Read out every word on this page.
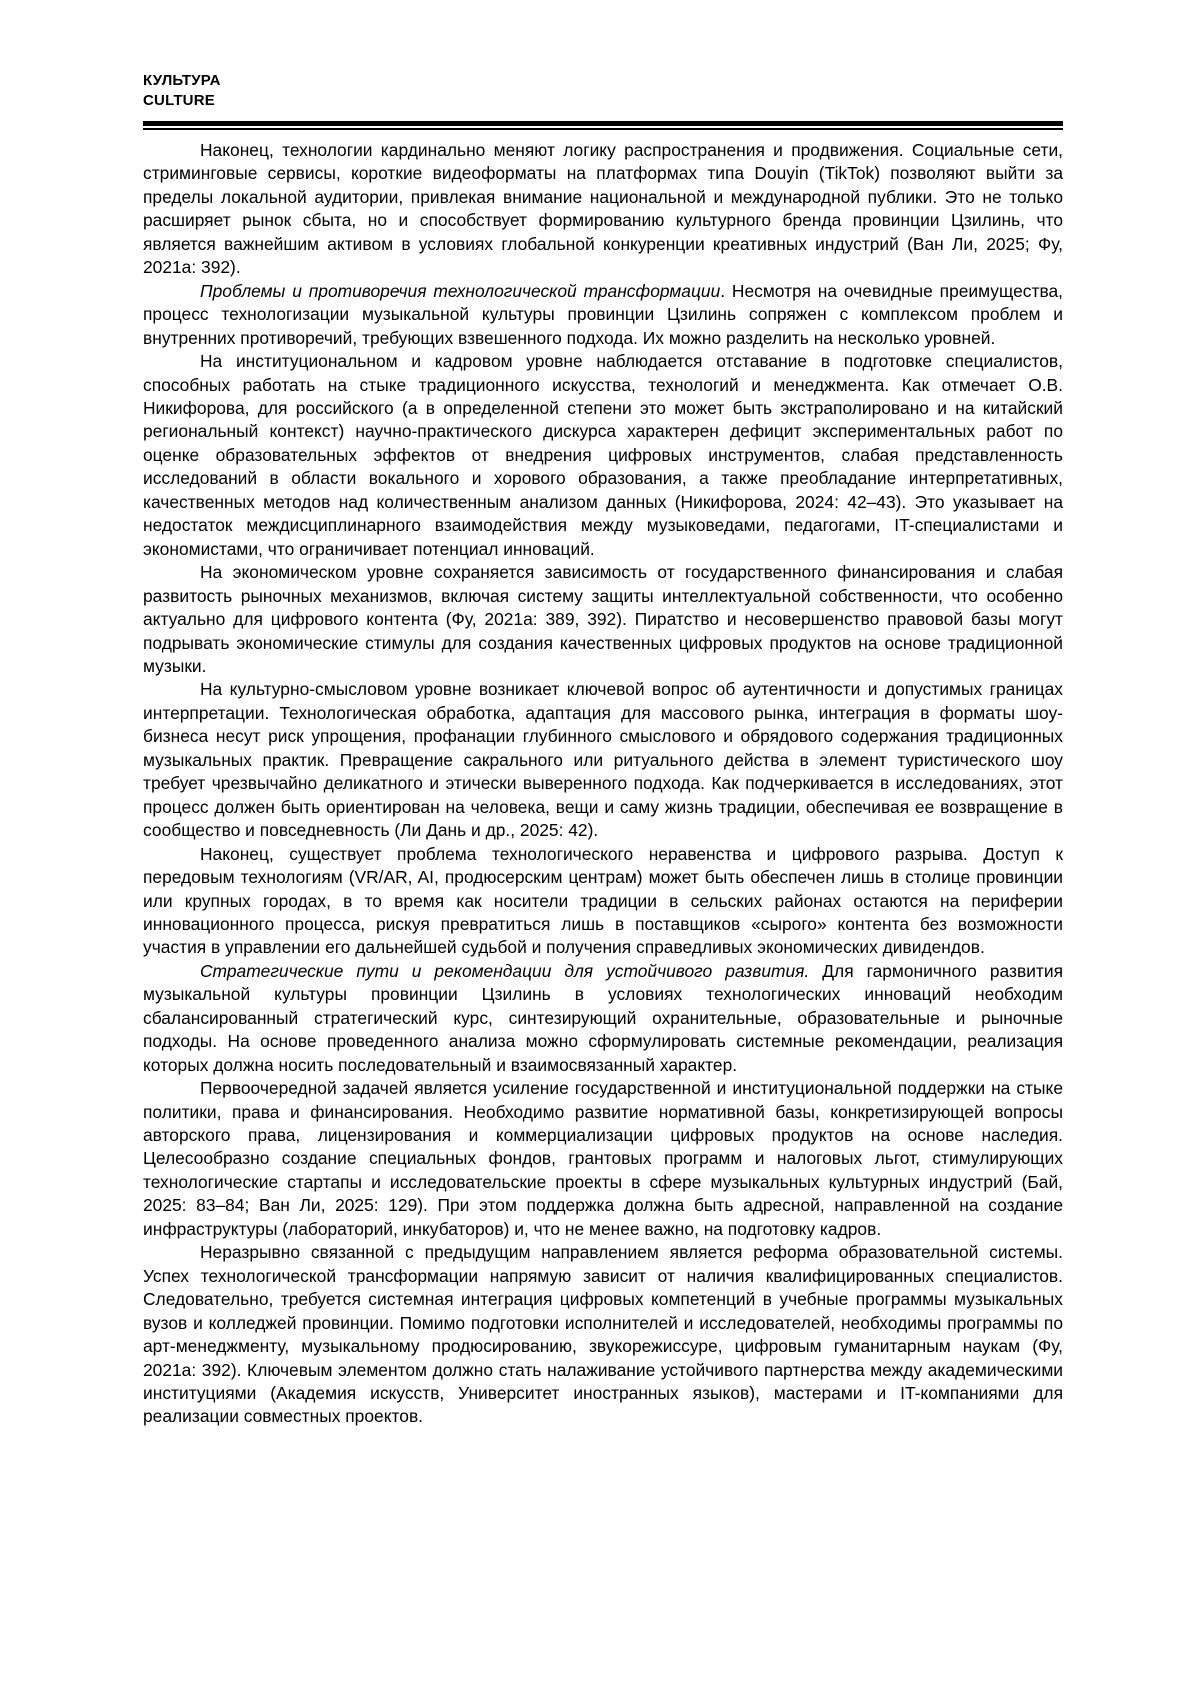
КУЛЬТУРА
CULTURE

Наконец, технологии кардинально меняют логику распространения и продвижения. Социальные сети, стриминговые сервисы, короткие видеоформаты на платформах типа Douyin (TikTok) позволяют выйти за пределы локальной аудитории, привлекая внимание национальной и международной публики. Это не только расширяет рынок сбыта, но и способствует формированию культурного бренда провинции Цзилинь, что является важнейшим активом в условиях глобальной конкуренции креативных индустрий (Ван Ли, 2025; Фу, 2021a: 392).

Проблемы и противоречия технологической трансформации. Несмотря на очевидные преимущества, процесс технологизации музыкальной культуры провинции Цзилинь сопряжен с комплексом проблем и внутренних противоречий, требующих взвешенного подхода. Их можно разделить на несколько уровней.

На институциональном и кадровом уровне наблюдается отставание в подготовке специалистов, способных работать на стыке традиционного искусства, технологий и менеджмента. Как отмечает О.В. Никифорова, для российского (а в определенной степени это может быть экстраполировано и на китайский региональный контекст) научно-практического дискурса характерен дефицит экспериментальных работ по оценке образовательных эффектов от внедрения цифровых инструментов, слабая представленность исследований в области вокального и хорового образования, а также преобладание интерпретативных, качественных методов над количественным анализом данных (Никифорова, 2024: 42–43). Это указывает на недостаток междисциплинарного взаимодействия между музыковедами, педагогами, IT-специалистами и экономистами, что ограничивает потенциал инноваций.

На экономическом уровне сохраняется зависимость от государственного финансирования и слабая развитость рыночных механизмов, включая систему защиты интеллектуальной собственности, что особенно актуально для цифрового контента (Фу, 2021a: 389, 392). Пиратство и несовершенство правовой базы могут подрывать экономические стимулы для создания качественных цифровых продуктов на основе традиционной музыки.

На культурно-смысловом уровне возникает ключевой вопрос об аутентичности и допустимых границах интерпретации. Технологическая обработка, адаптация для массового рынка, интеграция в форматы шоу-бизнеса несут риск упрощения, профанации глубинного смыслового и обрядового содержания традиционных музыкальных практик. Превращение сакрального или ритуального действа в элемент туристического шоу требует чрезвычайно деликатного и этически выверенного подхода. Как подчеркивается в исследованиях, этот процесс должен быть ориентирован на человека, вещи и саму жизнь традиции, обеспечивая ее возвращение в сообщество и повседневность (Ли Дань и др., 2025: 42).

Наконец, существует проблема технологического неравенства и цифрового разрыва. Доступ к передовым технологиям (VR/AR, AI, продюсерским центрам) может быть обеспечен лишь в столице провинции или крупных городах, в то время как носители традиции в сельских районах остаются на периферии инновационного процесса, рискуя превратиться лишь в поставщиков «сырого» контента без возможности участия в управлении его дальнейшей судьбой и получения справедливых экономических дивидендов.

Стратегические пути и рекомендации для устойчивого развития. Для гармоничного развития музыкальной культуры провинции Цзилинь в условиях технологических инноваций необходим сбалансированный стратегический курс, синтезирующий охранительные, образовательные и рыночные подходы. На основе проведенного анализа можно сформулировать системные рекомендации, реализация которых должна носить последовательный и взаимосвязанный характер.

Первоочередной задачей является усиление государственной и институциональной поддержки на стыке политики, права и финансирования. Необходимо развитие нормативной базы, конкретизирующей вопросы авторского права, лицензирования и коммерциализации цифровых продуктов на основе наследия. Целесообразно создание специальных фондов, грантовых программ и налоговых льгот, стимулирующих технологические стартапы и исследовательские проекты в сфере музыкальных культурных индустрий (Бай, 2025: 83–84; Ван Ли, 2025: 129). При этом поддержка должна быть адресной, направленной на создание инфраструктуры (лабораторий, инкубаторов) и, что не менее важно, на подготовку кадров.

Неразрывно связанной с предыдущим направлением является реформа образовательной системы. Успех технологической трансформации напрямую зависит от наличия квалифицированных специалистов. Следовательно, требуется системная интеграция цифровых компетенций в учебные программы музыкальных вузов и колледжей провинции. Помимо подготовки исполнителей и исследователей, необходимы программы по арт-менеджменту, музыкальному продюсированию, звукорежиссуре, цифровым гуманитарным наукам (Фу, 2021a: 392). Ключевым элементом должно стать налаживание устойчивого партнерства между академическими институциями (Академия искусств, Университет иностранных языков), мастерами и IT-компаниями для реализации совместных проектов.
